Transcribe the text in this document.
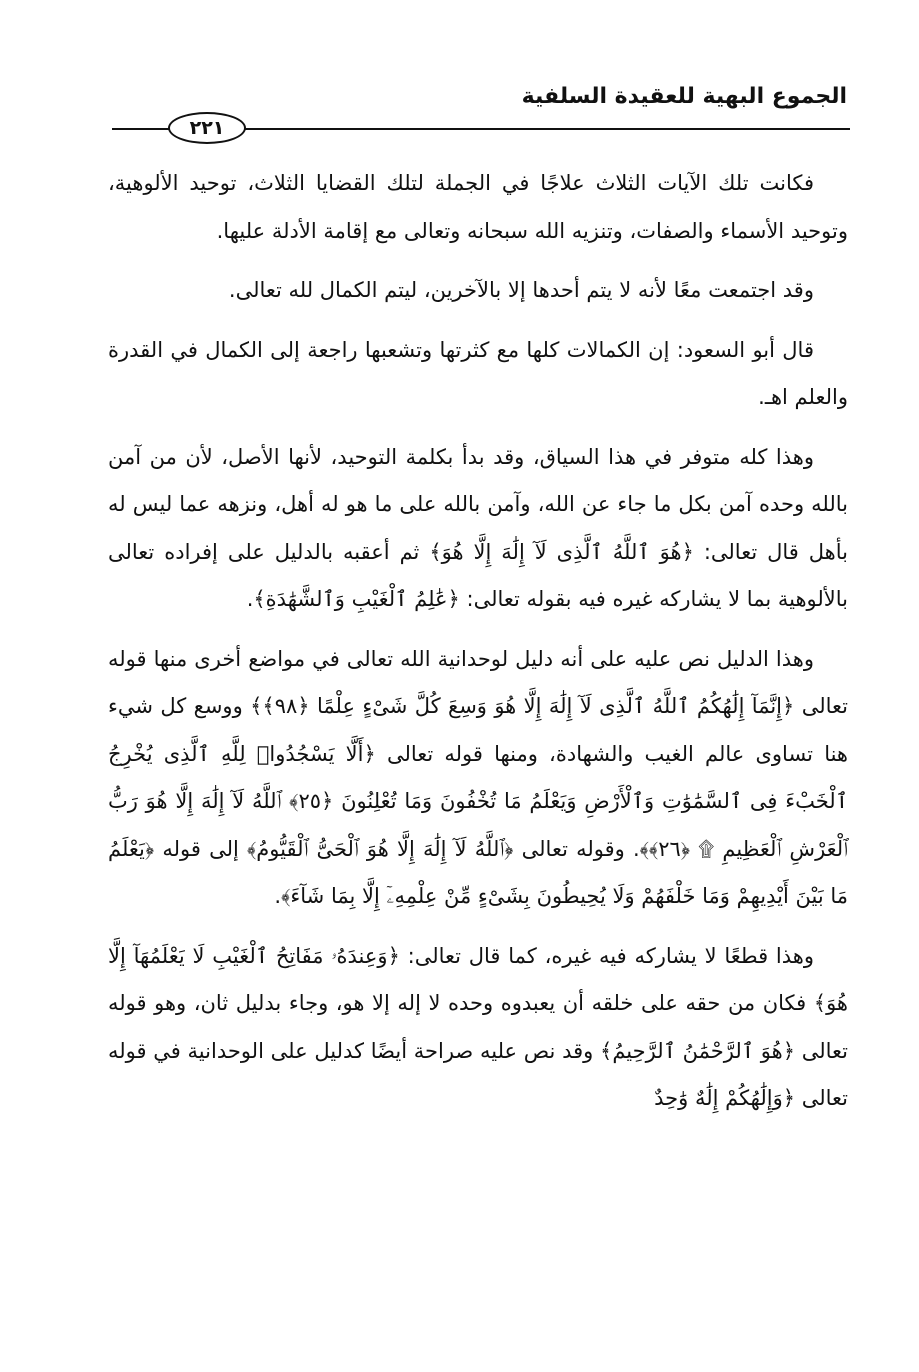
الجموع البهية للعقيدة السلفية
٢٢١

فكانت تلك الآيات الثلاث علاجًا في الجملة لتلك القضايا الثلاث، توحيد الألوهية، وتوحيد الأسماء والصفات، وتنزيه الله سبحانه وتعالى مع إقامة الأدلة عليها.

وقد اجتمعت معًا لأنه لا يتم أحدها إلا بالآخرين، ليتم الكمال لله تعالى.

قال أبو السعود: إن الكمالات كلها مع كثرتها وتشعبها راجعة إلى الكمال في القدرة والعلم اهـ.

وهذا كله متوفر في هذا السياق، وقد بدأ بكلمة التوحيد، لأنها الأصل، لأن من آمن بالله وحده آمن بكل ما جاء عن الله، وآمن بالله على ما هو له أهل، ونزهه عما ليس له بأهل قال تعالى: ﴿هُوَ ٱللَّهُ ٱلَّذِى لَآ إِلَٰهَ إِلَّا هُوَ﴾ ثم أعقبه بالدليل على إفراده تعالى بالألوهية بما لا يشاركه غيره فيه بقوله تعالى: ﴿عَٰلِمُ ٱلْغَيْبِ وَٱلشَّهَٰدَةِ﴾.

وهذا الدليل نص عليه على أنه دليل لوحدانية الله تعالى في مواضع أخرى منها قوله تعالى ﴿إِنَّمَآ إِلَٰهُكُمُ ٱللَّهُ ٱلَّذِى لَآ إِلَٰهَ إِلَّا هُوَ وَسِعَ كُلَّ شَىْءٍ عِلْمًا ﴿٩٨﴾﴾ ووسع كل شيء هنا تساوى عالم الغيب والشهادة، ومنها قوله تعالى ﴿أَلَّا يَسْجُدُوا۟ لِلَّهِ ٱلَّذِى يُخْرِجُ ٱلْخَبْءَ فِى ٱلسَّمَٰوَٰتِ وَٱلْأَرْضِ وَيَعْلَمُ مَا تُخْفُونَ وَمَا تُعْلِنُونَ ﴿٢٥﴾ ٱللَّهُ لَآ إِلَٰهَ إِلَّا هُوَ رَبُّ ٱلْعَرْشِ ٱلْعَظِيمِ ۩ ﴿٢٦﴾﴾. وقوله تعالى ﴿ٱللَّهُ لَآ إِلَٰهَ إِلَّا هُوَ ٱلْحَىُّ ٱلْقَيُّومُ﴾ إلى قوله ﴿يَعْلَمُ مَا بَيْنَ أَيْدِيهِمْ وَمَا خَلْفَهُمْ وَلَا يُحِيطُونَ بِشَىْءٍ مِّنْ عِلْمِهِۦٓ إِلَّا بِمَا شَآءَ﴾.

وهذا قطعًا لا يشاركه فيه غيره، كما قال تعالى: ﴿وَعِندَهُۥ مَفَاتِحُ ٱلْغَيْبِ لَا يَعْلَمُهَآ إِلَّا هُوَ﴾ فكان من حقه على خلقه أن يعبدوه وحده لا إله إلا هو، وجاء بدليل ثان، وهو قوله تعالى ﴿هُوَ ٱلرَّحْمَٰنُ ٱلرَّحِيمُ﴾ وقد نص عليه صراحة أيضًا كدليل على الوحدانية في قوله تعالى ﴿وَإِلَٰهُكُمْ إِلَٰهٌ وَٰحِدٌ
